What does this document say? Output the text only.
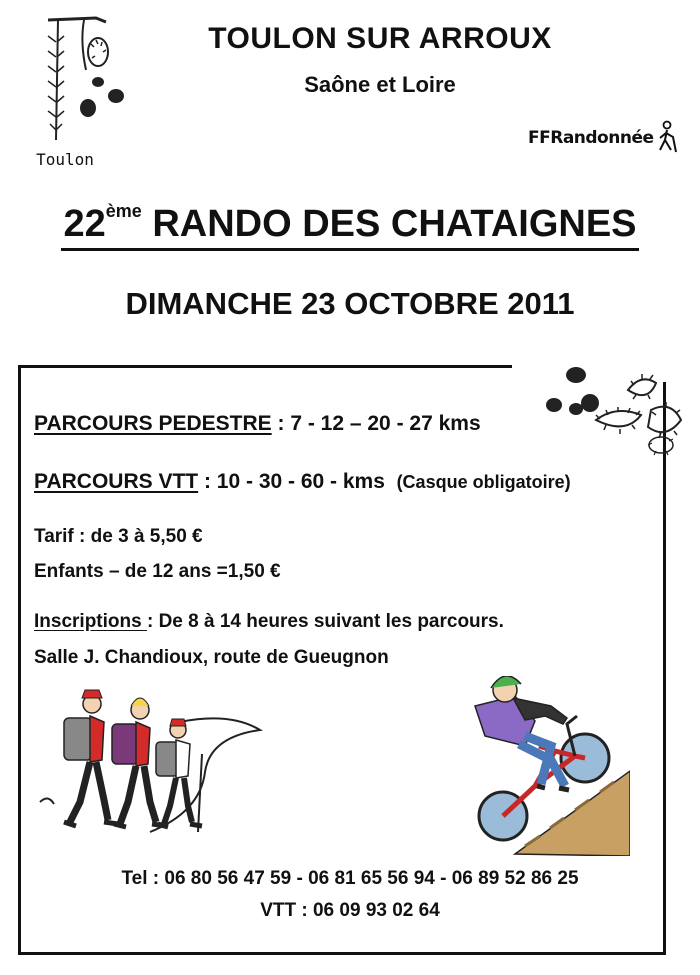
TOULON SUR ARROUX
Saône et Loire
Toulon
FFRandonnée
22ème RANDO DES CHATAIGNES
DIMANCHE 23 OCTOBRE 2011
PARCOURS PEDESTRE : 7 - 12 – 20 - 27 kms
PARCOURS VTT : 10 - 30 - 60 - kms (Casque obligatoire)
Tarif : de 3 à 5,50 €
Enfants – de 12 ans =1,50 €
Inscriptions : De 8 à 14 heures suivant les parcours.
Salle J. Chandioux, route de Gueugnon
Tel : 06 80 56 47 59 - 06 81 65 56 94 - 06 89 52 86 25
VTT : 06 09 93 02 64
